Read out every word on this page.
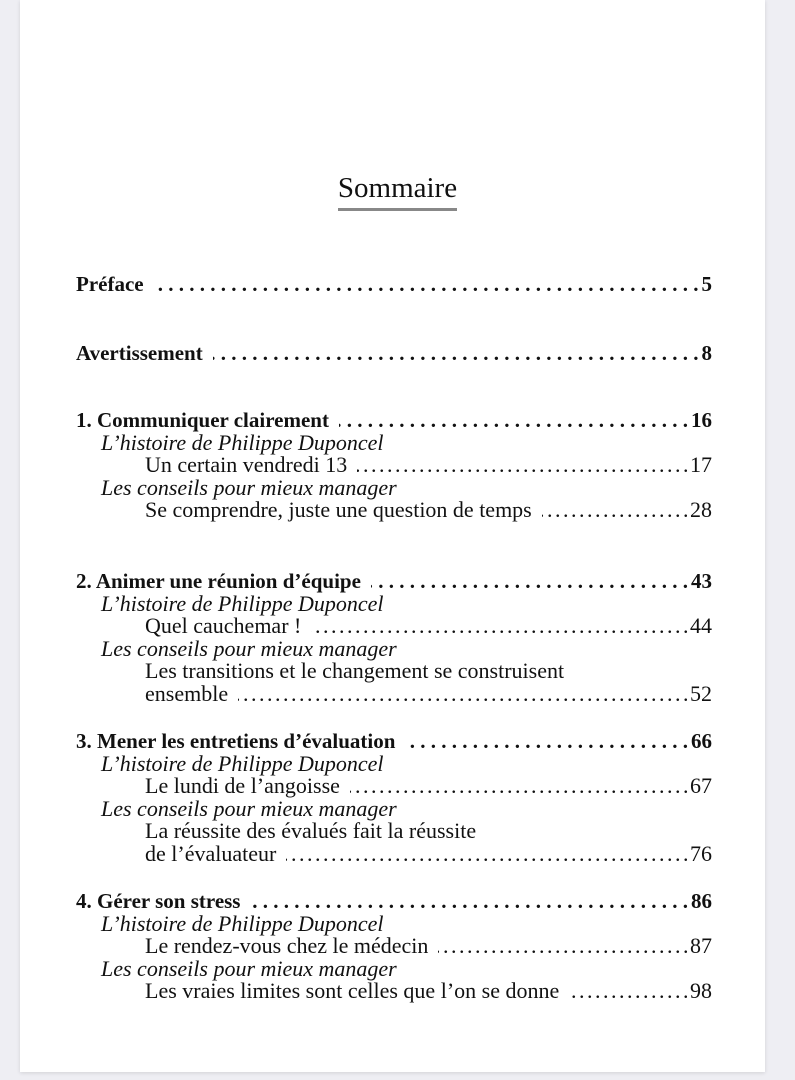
Sommaire
Préface . . .	5
Avertissement . . .	8
1. Communiquer clairement . . .	16
L’histoire de Philippe Duponcel
Un certain vendredi 13 . . .	17
Les conseils pour mieux manager
Se comprendre, juste une question de temps . . .	28
2. Animer une réunion d’équipe . . .	43
L’histoire de Philippe Duponcel
Quel cauchemar ! . . .	44
Les conseils pour mieux manager
Les transitions et le changement se construisent
ensemble . . .	52
3. Mener les entretiens d’évaluation . . .	66
L’histoire de Philippe Duponcel
Le lundi de l’angoisse . . .	67
Les conseils pour mieux manager
La réussite des évalués fait la réussite
de l’évaluateur . . .	76
4. Gérer son stress . . .	86
L’histoire de Philippe Duponcel
Le rendez-vous chez le médecin . . .	87
Les conseils pour mieux manager
Les vraies limites sont celles que l’on se donne . . .	98
